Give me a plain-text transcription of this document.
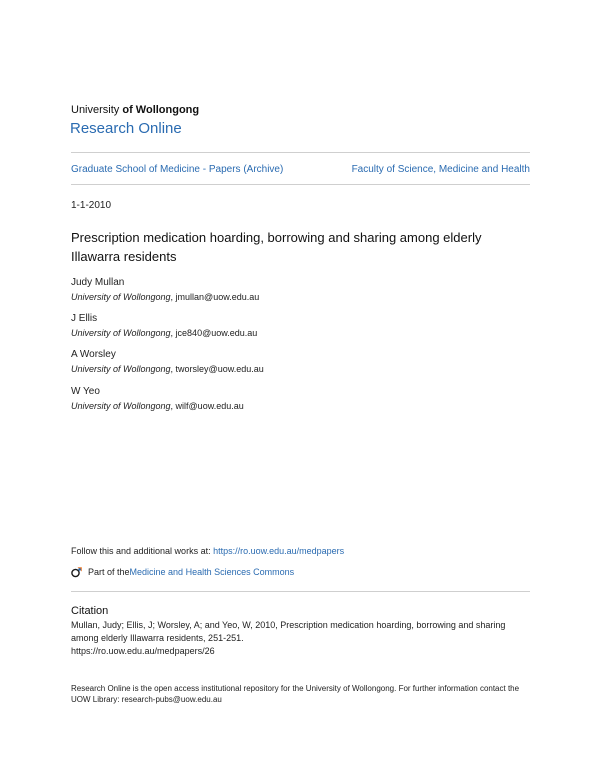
University of Wollongong
Research Online
Graduate School of Medicine - Papers (Archive)	Faculty of Science, Medicine and Health
1-1-2010
Prescription medication hoarding, borrowing and sharing among elderly Illawarra residents
Judy Mullan
University of Wollongong, jmullan@uow.edu.au
J Ellis
University of Wollongong, jce840@uow.edu.au
A Worsley
University of Wollongong, tworsley@uow.edu.au
W Yeo
University of Wollongong, wilf@uow.edu.au
Follow this and additional works at: https://ro.uow.edu.au/medpapers
Part of the Medicine and Health Sciences Commons
Citation
Mullan, Judy; Ellis, J; Worsley, A; and Yeo, W, 2010, Prescription medication hoarding, borrowing and sharing among elderly Illawarra residents, 251-251.
https://ro.uow.edu.au/medpapers/26
Research Online is the open access institutional repository for the University of Wollongong. For further information contact the UOW Library: research-pubs@uow.edu.au
